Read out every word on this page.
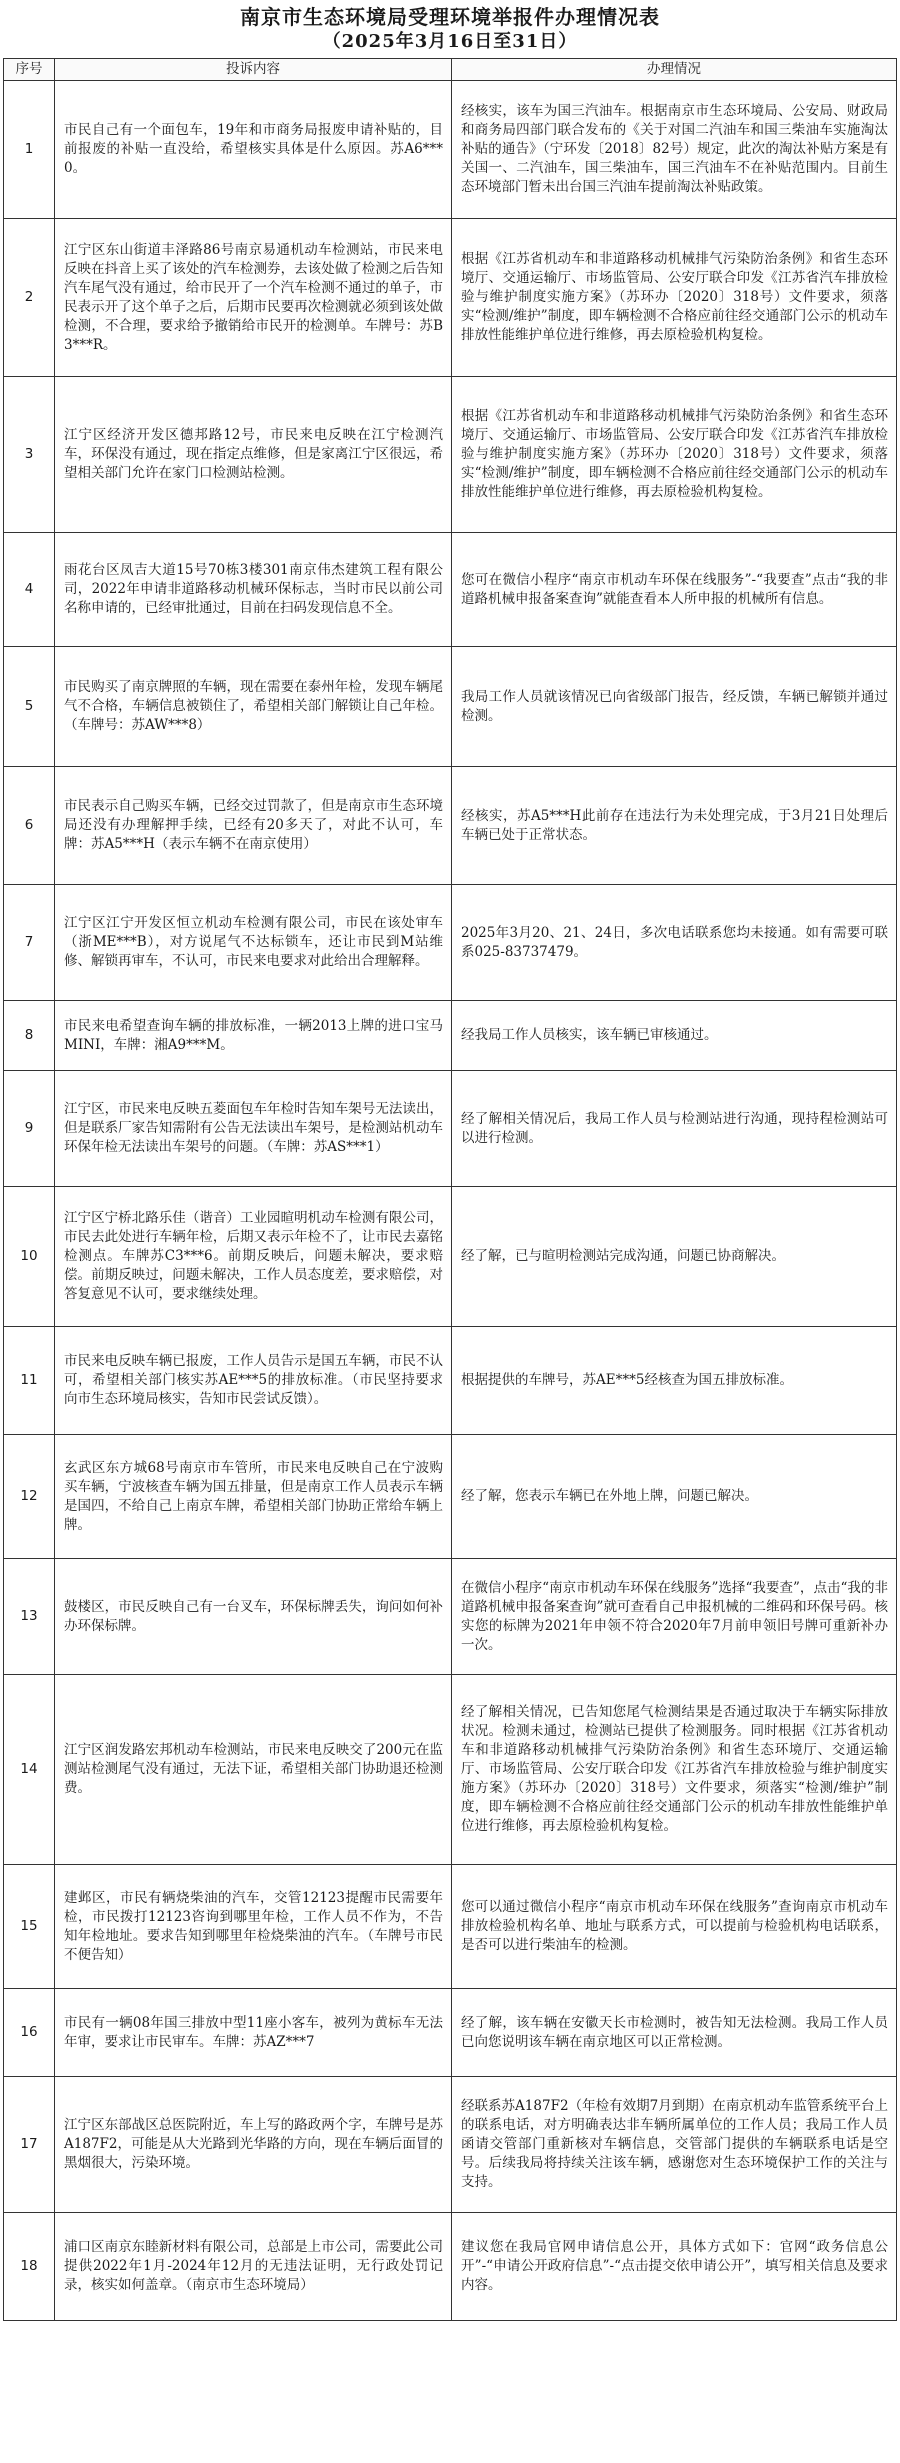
南京市生态环境局受理环境举报件办理情况表
（2025年3月16日至31日）
序号	投诉内容	办理情况
1	市民自己有一个面包车，19年和市商务局报废申请补贴的，目前报废的补贴一直没给，希望核实具体是什么原因。苏A6***0。	经核实，该车为国三汽油车。根据南京市生态环境局、公安局、财政局和商务局四部门联合发布的《关于对国二汽油车和国三柴油车实施淘汰补贴的通告》（宁环发〔2018〕82号）规定，此次的淘汰补贴方案是有关国一、二汽油车，国三柴油车，国三汽油车不在补贴范围内。目前生态环境部门暂未出台国三汽油车提前淘汰补贴政策。
2	江宁区东山街道丰泽路86号南京易通机动车检测站，市民来电反映在抖音上买了该处的汽车检测券，去该处做了检测之后告知汽车尾气没有通过，给市民开了一个汽车检测不通过的单子，市民表示开了这个单子之后，后期市民要再次检测就必须到该处做检测，不合理，要求给予撤销给市民开的检测单。车牌号：苏B3***R。	根据《江苏省机动车和非道路移动机械排气污染防治条例》和省生态环境厅、交通运输厅、市场监管局、公安厅联合印发《江苏省汽车排放检验与维护制度实施方案》（苏环办〔2020〕318号）文件要求，须落实“检测/维护”制度，即车辆检测不合格应前往经交通部门公示的机动车排放性能维护单位进行维修，再去原检验机构复检。
3	江宁区经济开发区德邦路12号，市民来电反映在江宁检测汽车，环保没有通过，现在指定点维修，但是家离江宁区很远，希望相关部门允许在家门口检测站检测。	根据《江苏省机动车和非道路移动机械排气污染防治条例》和省生态环境厅、交通运输厅、市场监管局、公安厅联合印发《江苏省汽车排放检验与维护制度实施方案》（苏环办〔2020〕318号）文件要求，须落实“检测/维护”制度，即车辆检测不合格应前往经交通部门公示的机动车排放性能维护单位进行维修，再去原检验机构复检。
4	雨花台区凤吉大道15号70栋3楼301南京伟杰建筑工程有限公司，2022年申请非道路移动机械环保标志，当时市民以前公司名称申请的，已经审批通过，目前在扫码发现信息不全。	您可在微信小程序“南京市机动车环保在线服务”-“我要查”点击“我的非道路机械申报备案查询”就能查看本人所申报的机械所有信息。
5	市民购买了南京牌照的车辆，现在需要在泰州年检，发现车辆尾气不合格，车辆信息被锁住了，希望相关部门解锁让自己年检。（车牌号：苏AW***8）	我局工作人员就该情况已向省级部门报告，经反馈，车辆已解锁并通过检测。
6	市民表示自己购买车辆，已经交过罚款了，但是南京市生态环境局还没有办理解押手续，已经有20多天了，对此不认可，车牌：苏A5***H（表示车辆不在南京使用）	经核实，苏A5***H此前存在违法行为未处理完成，于3月21日处理后车辆已处于正常状态。
7	江宁区江宁开发区恒立机动车检测有限公司，市民在该处审车（浙ME***B），对方说尾气不达标锁车，还让市民到M站维修、解锁再审车，不认可，市民来电要求对此给出合理解释。	2025年3月20、21、24日，多次电话联系您均未接通。如有需要可联系025-83737479。
8	市民来电希望查询车辆的排放标准，一辆2013上牌的进口宝马MINI，车牌：湘A9***M。	经我局工作人员核实，该车辆已审核通过。
9	江宁区，市民来电反映五菱面包车年检时告知车架号无法读出，但是联系厂家告知需附有公告无法读出车架号，是检测站机动车环保年检无法读出车架号的问题。（车牌：苏AS***1）	经了解相关情况后，我局工作人员与检测站进行沟通，现持程检测站可以进行检测。
10	江宁区宁桥北路乐佳（谐音）工业园暄明机动车检测有限公司，市民去此处进行车辆年检，后期又表示年检不了，让市民去嘉铭检测点。车牌苏C3***6。前期反映后，问题未解决，要求赔偿。前期反映过，问题未解决，工作人员态度差，要求赔偿，对答复意见不认可，要求继续处理。	经了解，已与暄明检测站完成沟通，问题已协商解决。
11	市民来电反映车辆已报废，工作人员告示是国五车辆，市民不认可，希望相关部门核实苏AE***5的排放标准。（市民坚持要求向市生态环境局核实，告知市民尝试反馈）。	根据提供的车牌号，苏AE***5经核查为国五排放标准。
12	玄武区东方城68号南京市车管所，市民来电反映自己在宁波购买车辆，宁波核查车辆为国五排量，但是南京工作人员表示车辆是国四，不给自己上南京车牌，希望相关部门协助正常给车辆上牌。	经了解，您表示车辆已在外地上牌，问题已解决。
13	鼓楼区，市民反映自己有一台叉车，环保标牌丢失，询问如何补办环保标牌。	在微信小程序“南京市机动车环保在线服务”选择“我要查”，点击“我的非道路机械申报备案查询”就可查看自己申报机械的二维码和环保号码。核实您的标牌为2021年申领不符合2020年7月前申领旧号牌可重新补办一次。
14	江宁区润发路宏邦机动车检测站，市民来电反映交了200元在监测站检测尾气没有通过，无法下证，希望相关部门协助退还检测费。	经了解相关情况，已告知您尾气检测结果是否通过取决于车辆实际排放状况。检测未通过，检测站已提供了检测服务。同时根据《江苏省机动车和非道路移动机械排气污染防治条例》和省生态环境厅、交通运输厅、市场监管局、公安厅联合印发《江苏省汽车排放检验与维护制度实施方案》（苏环办〔2020〕318号）文件要求，须落实“检测/维护”制度，即车辆检测不合格应前往经交通部门公示的机动车排放性能维护单位进行维修，再去原检验机构复检。
15	建邺区，市民有辆烧柴油的汽车，交管12123提醒市民需要年检，市民拨打12123咨询到哪里年检，工作人员不作为，不告知年检地址。要求告知到哪里年检烧柴油的汽车。（车牌号市民不便告知）	您可以通过微信小程序“南京市机动车环保在线服务”查询南京市机动车排放检验机构名单、地址与联系方式，可以提前与检验机构电话联系，是否可以进行柴油车的检测。
16	市民有一辆08年国三排放中型11座小客车，被列为黄标车无法年审，要求让市民审车。车牌：苏AZ***7	经了解，该车辆在安徽天长市检测时，被告知无法检测。我局工作人员已向您说明该车辆在南京地区可以正常检测。
17	江宁区东部战区总医院附近，车上写的路政两个字，车牌号是苏A187F2，可能是从大光路到光华路的方向，现在车辆后面冒的黑烟很大，污染环境。	经联系苏A187F2（年检有效期7月到期）在南京机动车监管系统平台上的联系电话，对方明确表达非车辆所属单位的工作人员；我局工作人员函请交管部门重新核对车辆信息，交管部门提供的车辆联系电话是空号。后续我局将持续关注该车辆，感谢您对生态环境保护工作的关注与支持。
18	浦口区南京东睦新材料有限公司，总部是上市公司，需要此公司提供2022年1月-2024年12月的无违法证明，无行政处罚记录，核实如何盖章。（南京市生态环境局）	建议您在我局官网申请信息公开，具体方式如下：官网“政务信息公开”-“申请公开政府信息”-“点击提交依申请公开”，填写相关信息及要求内容。
